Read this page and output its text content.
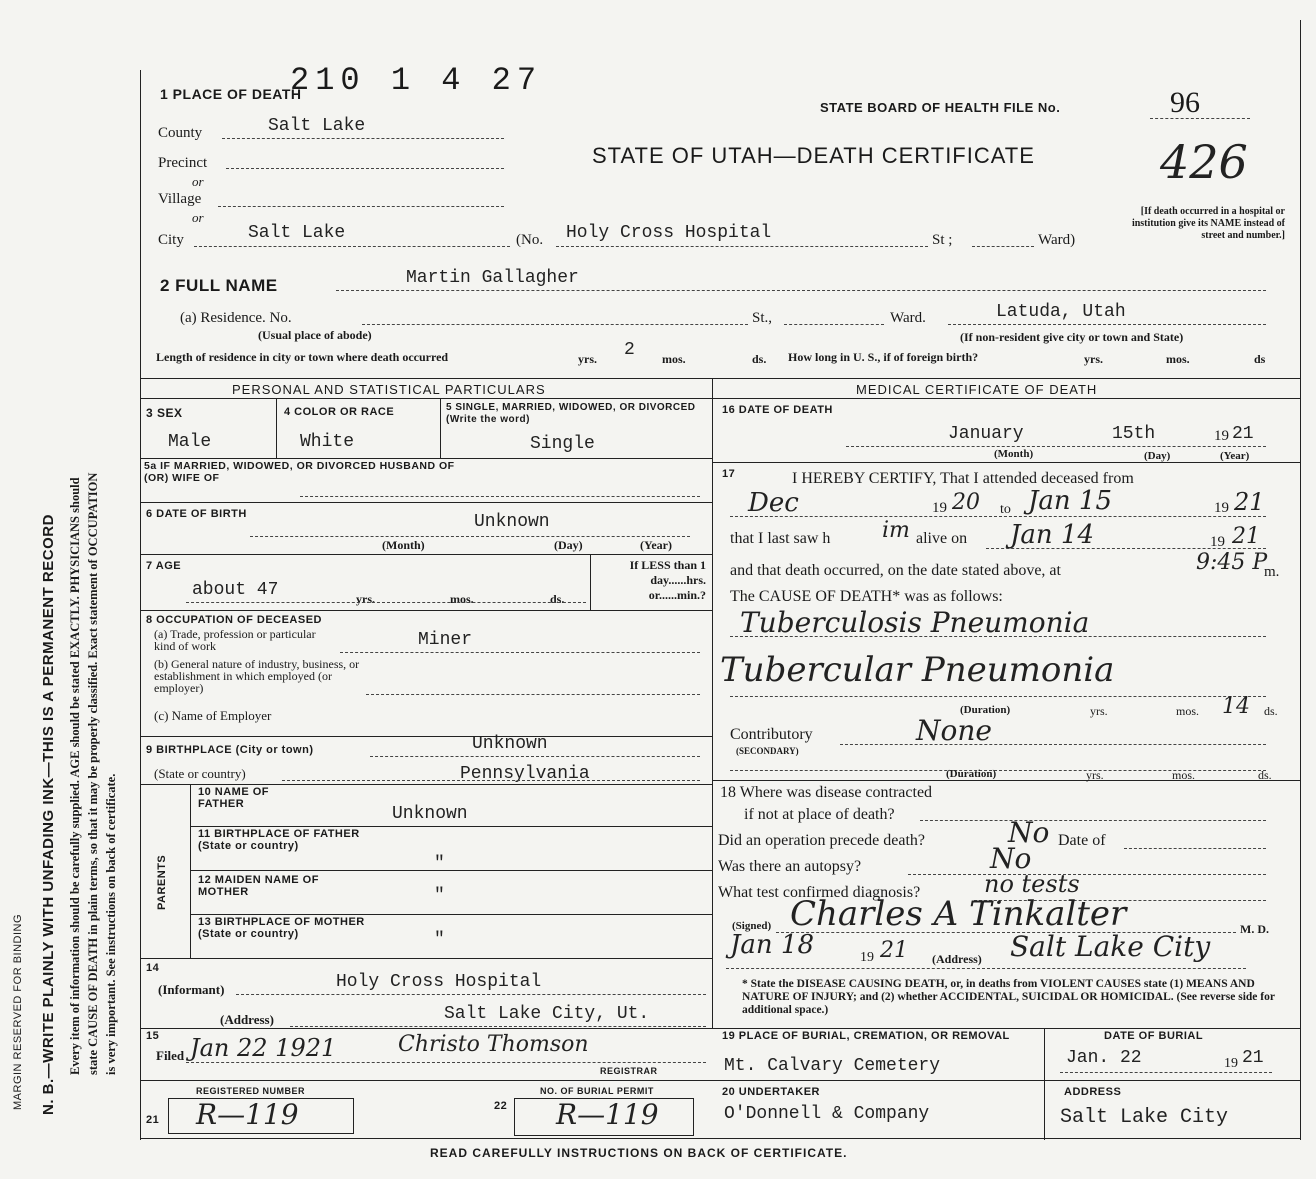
MARGIN RESERVED FOR BINDING N. B.—WRITE PLAINLY WITH UNFADING INK—THIS IS A PERMANENT RECORD Every item of information should be carefully supplied. AGE should be stated EXACTLY. PHYSICIANS should state CAUSE OF DEATH in plain terms, so that it may be properly classified. Exact statement of OCCUPATION is very important. See instructions on back of certificate.
210 1 4 27
STATE BOARD OF HEALTH FILE No.	96
STATE OF UTAH—DEATH CERTIFICATE	426
[If death occurred in a hospital or institution give its NAME instead of street and number.]
1 PLACE OF DEATH
County	Salt Lake
Precinct
or
Village
or
City	Salt Lake	(No. Holy Cross Hospital	St ;	Ward)
2 FULL NAME	Martin Gallagher
(a) Residence. No.	St.,	Ward.	Latuda, Utah
(Usual place of abode)	(If non-resident give city or town and State)
Length of residence in city or town where death occurred	yrs. 2 mos.	ds. How long in U. S., if of foreign birth?	yrs.	mos.	ds
PERSONAL AND STATISTICAL PARTICULARS	MEDICAL CERTIFICATE OF DEATH
3 SEX
Male
4 COLOR OR RACE
White
5 SINGLE, MARRIED, WIDOWED, OR DIVORCED (Write the word)
Single
5a IF MARRIED, WIDOWED, OR DIVORCED HUSBAND OF (OR) WIFE OF
6 DATE OF BIRTH	Unknown
(Month)	(Day)	(Year)
7 AGE
about 47	yrs.	mos.	ds.
If LESS than 1 day......hrs. or......min.?
8 OCCUPATION OF DECEASED
(a) Trade, profession or particular kind of work	Miner
(b) General nature of industry, business, or establishment in which employed (or employer)
(c) Name of Employer
9 BIRTHPLACE (City or town)	Unknown
(State or country)	Pennsylvania
PARENTS
10 NAME OF FATHER	Unknown
11 BIRTHPLACE OF FATHER (State or country)
"
12 MAIDEN NAME OF MOTHER	"
13 BIRTHPLACE OF MOTHER (State or country)	"
14
(Informant)	Holy Cross Hospital
(Address)	Salt Lake City, Ut.
15
Filed Jan 22 1921	Christo Thomson
REGISTRAR
REGISTERED NUMBER
21 R—119
NO. OF BURIAL PERMIT
22 R—119
16 DATE OF DEATH
January	15th	19 21
(Month)	(Day)	(Year)
17	I HEREBY CERTIFY, That I attended deceased from
Dec	19 20 to Jan 15	19 21
that I last saw h im alive on Jan 14	19 21
and that death occurred, on the date stated above, at	9:45 P
m.
The CAUSE OF DEATH* was as follows:
Tuberculosis Pneumonia
Tubercular Pneumonia
(Duration)	yrs.	mos. 14 ds.
Contributory
(SECONDARY)
None
(Duration)	yrs.	mos.	ds.
18 Where was disease contracted
if not at place of death?
Did an operation precede death?	No Date of
Was there an autopsy?	No
What test confirmed diagnosis?	no tests
(Signed) Charles A Tinkalter	M. D.
Jan 18	19 21 (Address) Salt Lake City
* State the DISEASE CAUSING DEATH, or, in deaths from VIOLENT CAUSES state (1) MEANS AND NATURE OF INJURY; and (2) whether ACCIDENTAL, SUICIDAL OR HOMICIDAL. (See reverse side for additional space.)
19 PLACE OF BURIAL, CREMATION, OR REMOVAL
Mt. Calvary Cemetery
DATE OF BURIAL
Jan. 22	19 21
20 UNDERTAKER
O'Donnell & Company
ADDRESS
Salt Lake City
READ CAREFULLY INSTRUCTIONS ON BACK OF CERTIFICATE.
